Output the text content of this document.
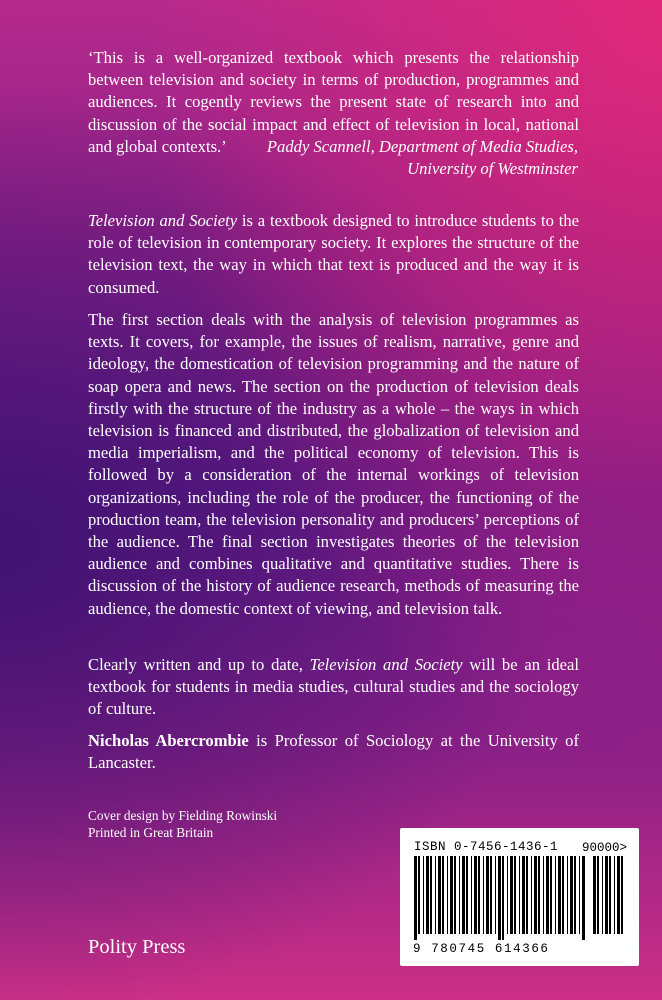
‘This is a well-organized textbook which presents the relationship between television and society in terms of production, programmes and audiences. It cogently reviews the present state of research into and discussion of the social impact and effect of television in local, national and global contexts.’	Paddy Scannell, Department of Media Studies,
University of Westminster

Television and Society is a textbook designed to introduce students to the role of television in contemporary society. It explores the structure of the television text, the way in which that text is produced and the way it is consumed.

The first section deals with the analysis of television programmes as texts. It covers, for example, the issues of realism, narrative, genre and ideology, the domestication of television programming and the nature of soap opera and news. The section on the production of television deals firstly with the structure of the industry as a whole – the ways in which television is financed and distributed, the globalization of television and media imperialism, and the political economy of television. This is followed by a consideration of the internal workings of television organizations, including the role of the producer, the functioning of the production team, the television personality and producers’ perceptions of the audience. The final section investigates theories of the television audience and combines qualitative and quantitative studies. There is discussion of the history of audience research, methods of measuring the audience, the domestic context of viewing, and television talk.

Clearly written and up to date, Television and Society will be an ideal textbook for students in media studies, cultural studies and the sociology of culture.

Nicholas Abercrombie is Professor of Sociology at the University of Lancaster.

Cover design by Fielding Rowinski
Printed in Great Britain
Polity Press
ISBN 0-7456-1436-1 90000>
9 780745 614366
